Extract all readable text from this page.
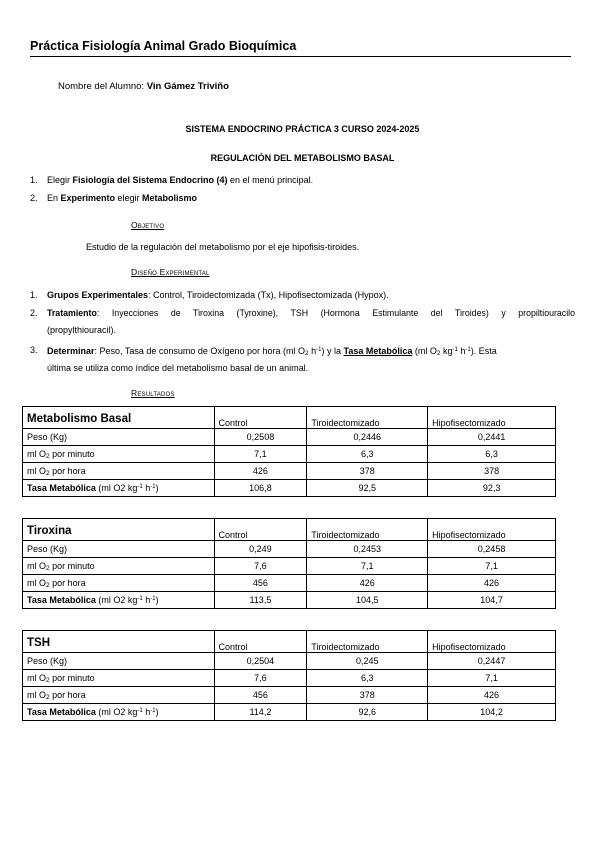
Práctica Fisiología Animal Grado Bioquímica
Nombre del Alumno: Vin Gámez Triviño
SISTEMA ENDOCRINO PRÁCTICA 3 CURSO 2024-2025
REGULACIÓN DEL METABOLISMO BASAL
1. Elegir Fisiología del Sistema Endocrino (4) en el menú principal.
2. En Experimento elegir Metabolismo
Objetivo
Estudio de la regulación del metabolismo por el eje hipofisis-tiroides.
Diseño Experimental
1. Grupos Experimentales: Control, Tiroidectomizada (Tx), Hipofisectomizada (Hypox).
2. Tratamiento: Inyecciones de Tiroxina (Tyroxine), TSH (Hormona Estimulante del Tiroides) y propiltiouracilo
(propylthiouracil).
3. Determinar: Peso, Tasa de consumo de Oxígeno por hora (ml $O_2$ $h^{-1}$) y la Tasa Metabólica (ml $O_2$ $kg^{-1}$ $h^{-1}$). Esta
última se utiliza como índice del metabolismo basal de un animal.
Resultados
Metabolismo Basal	Control	Tiroidectomizado	Hipofisectomizado
Peso (Kg)	0,2508	0,2446	0,2441
ml $O_2$ por minuto	7,1	6,3	6,3
ml $O_2$ por hora	426	378	378
Tasa Metabólica (ml O2 $kg^{-1}$ $h^{-1}$)	106,8	92,5	92,3
Tiroxina	Control	Tiroidectomizado	Hipofisectomizado
Peso (Kg)	0,249	0,2453	0,2458
ml $O_2$ por minuto	7,6	7,1	7,1
ml $O_2$ por hora	456	426	426
Tasa Metabólica (ml O2 $kg^{-1}$ $h^{-1}$)	113,5	104,5	104,7
TSH	Control	Tiroidectomizado	Hipofisectomizado
Peso (Kg)	0,2504	0,245	0,2447
ml $O_2$ por minuto	7,6	6,3	7,1
ml $O_2$ por hora	456	378	426
Tasa Metabólica (ml O2 $kg^{-1}$ $h^{-1}$)	114,2	92,6	104,2
